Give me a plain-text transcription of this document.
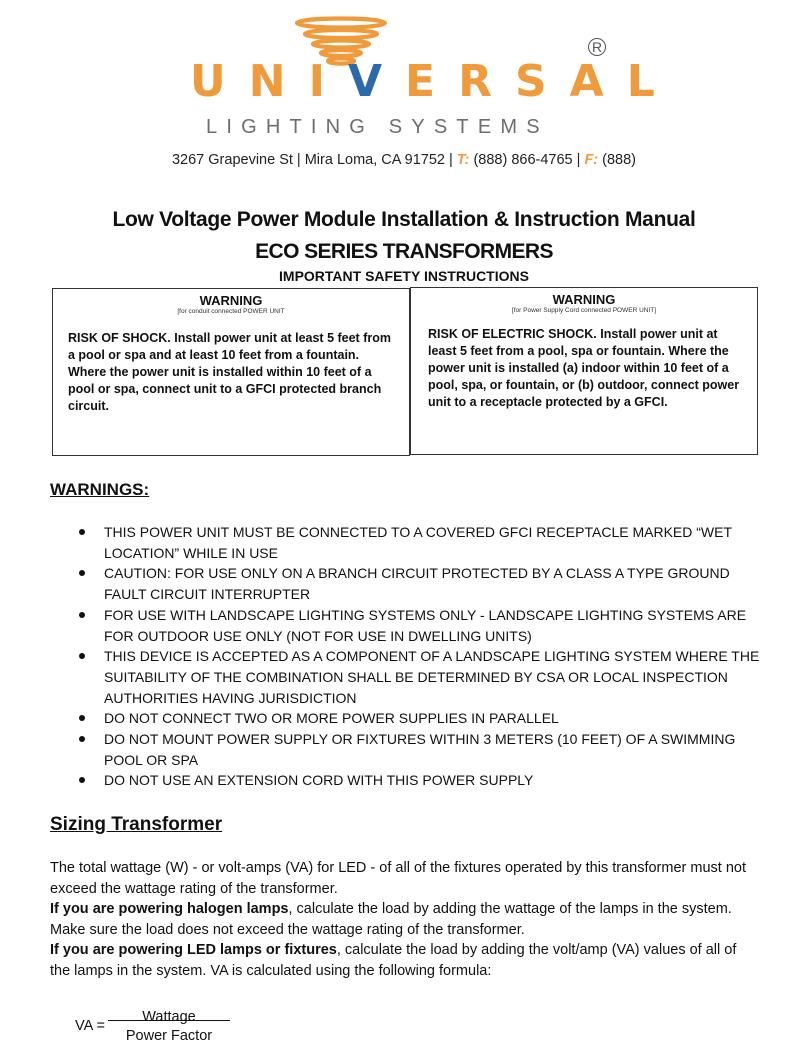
UNIVERSAL
R
LIGHTING SYSTEMS
3267 Grapevine St | Mira Loma, CA 91752 | T: (888) 866-4765 | F: (888)
Low Voltage Power Module Installation & Instruction Manual
ECO SERIES TRANSFORMERS
IMPORTANT SAFETY INSTRUCTIONS
WARNING
[for conduit connected POWER UNIT
RISK OF SHOCK. Install power unit at least 5 feet from a pool or spa and at least 10 feet from a fountain. Where the power unit is installed within 10 feet of a pool or spa, connect unit to a GFCI protected branch circuit.
WARNING
[for Power Supply Cord connected POWER UNIT]
RISK OF ELECTRIC SHOCK. Install power unit at least 5 feet from a pool, spa or fountain. Where the power unit is installed (a) indoor within 10 feet of a pool, spa, or fountain, or (b) outdoor, connect power unit to a receptacle protected by a GFCI.
WARNINGS:
THIS POWER UNIT MUST BE CONNECTED TO A COVERED GFCI RECEPTACLE MARKED “WET LOCATION” WHILE IN USE
CAUTION: FOR USE ONLY ON A BRANCH CIRCUIT PROTECTED BY A CLASS A TYPE GROUND FAULT CIRCUIT INTERRUPTER
FOR USE WITH LANDSCAPE LIGHTING SYSTEMS ONLY - LANDSCAPE LIGHTING SYSTEMS ARE FOR OUTDOOR USE ONLY (NOT FOR USE IN DWELLING UNITS)
THIS DEVICE IS ACCEPTED AS A COMPONENT OF A LANDSCAPE LIGHTING SYSTEM WHERE THE SUITABILITY OF THE COMBINATION SHALL BE DETERMINED BY CSA OR LOCAL INSPECTION AUTHORITIES HAVING JURISDICTION
DO NOT CONNECT TWO OR MORE POWER SUPPLIES IN PARALLEL
DO NOT MOUNT POWER SUPPLY OR FIXTURES WITHIN 3 METERS (10 FEET) OF A SWIMMING POOL OR SPA
DO NOT USE AN EXTENSION CORD WITH THIS POWER SUPPLY
Sizing Transformer
The total wattage (W) - or volt-amps (VA) for LED - of all of the fixtures operated by this transformer must not exceed the wattage rating of the transformer.
If you are powering halogen lamps, calculate the load by adding the wattage of the lamps in the system. Make sure the load does not exceed the wattage rating of the transformer.
If you are powering LED lamps or fixtures, calculate the load by adding the volt/amp (VA) values of all of the lamps in the system. VA is calculated using the following formula:
VA =
Wattage
Power Factor
